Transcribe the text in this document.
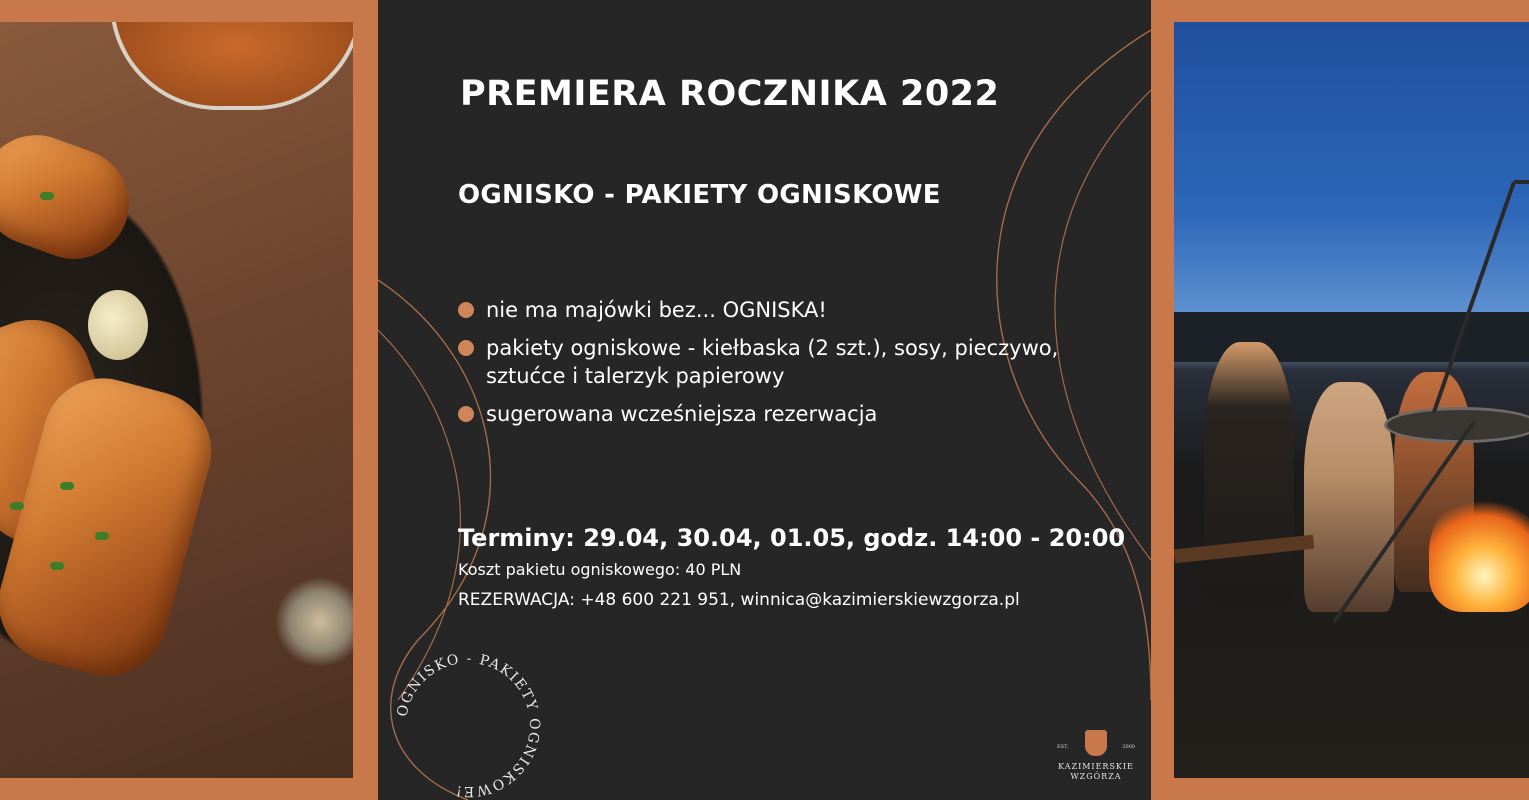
PREMIERA ROCZNIKA 2022
OGNISKO - PAKIETY OGNISKOWE
nie ma majówki bez... OGNISKA!
pakiety ogniskowe - kiełbaska (2 szt.), sosy, pieczywo, sztućce i talerzyk papierowy
sugerowana wcześniejsza rezerwacja
Terminy: 29.04, 30.04, 01.05, godz. 14:00 - 20:00
Koszt pakietu ogniskowego: 40 PLN
REZERWACJA: +48 600 221 951, winnica@kazimierskiewzgorza.pl
OGNISKO - PAKIETY OGNISKOWE!
EST.	2000
KAZIMIERSKIE
WZGÓRZA
